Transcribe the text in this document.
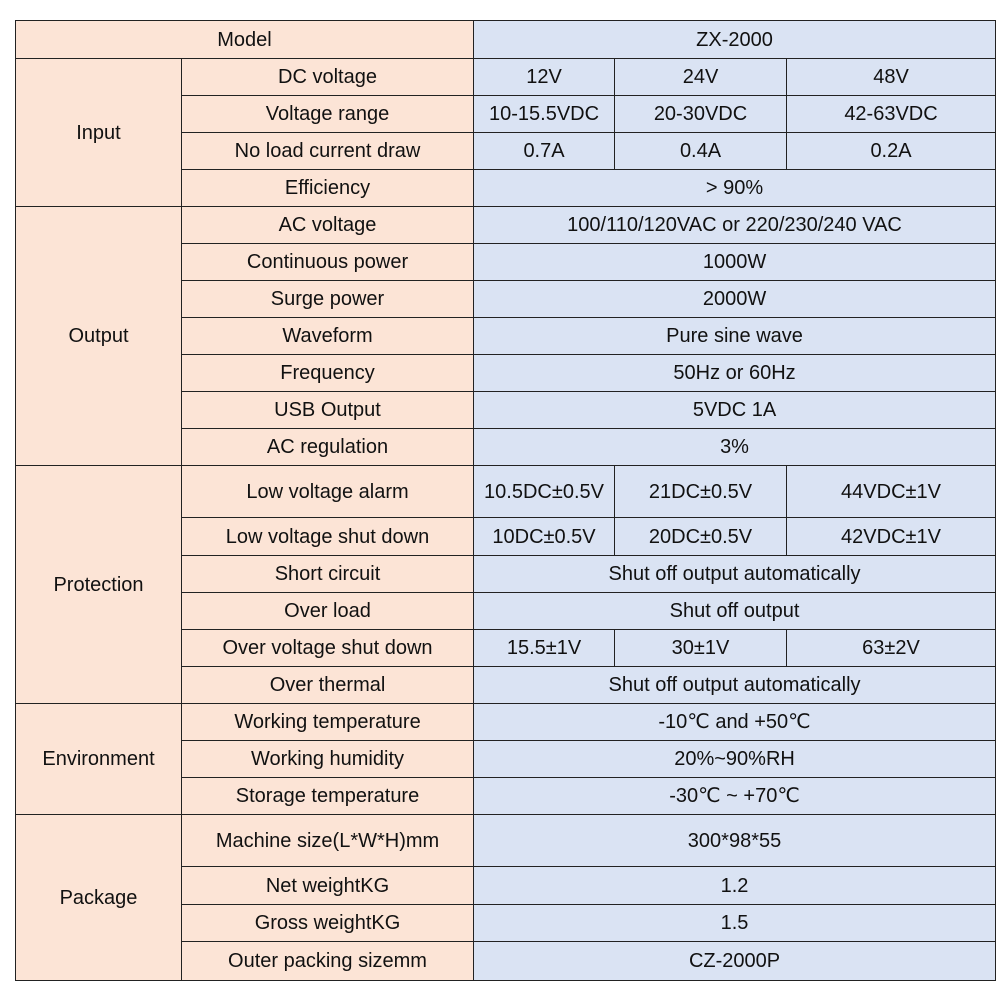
Model		ZX-2000		
Input	DC voltage	12V	24V	48V
	Voltage range	10-15.5VDC	20-30VDC	42-63VDC
	No load current draw	0.7A	0.4A	0.2A
	Efficiency	> 90%		
Output	AC voltage	100/110/120VAC or 220/230/240 VAC		
	Continuous power	1000W		
	Surge power	2000W		
	Waveform	Pure sine wave		
	Frequency	50Hz or 60Hz		
	USB Output	5VDC 1A		
	AC regulation	3%		
Protection	Low voltage alarm	10.5DC±0.5V	21DC±0.5V	44VDC±1V
	Low voltage shut down	10DC±0.5V	20DC±0.5V	42VDC±1V
	Short circuit	Shut off output automatically		
	Over load	Shut off output		
	Over voltage shut down	15.5±1V	30±1V	63±2V
	Over thermal	Shut off output automatically		
Environment	Working temperature	-10℃ and +50℃		
	Working humidity	20%~90%RH		
	Storage temperature	-30℃ ~ +70℃		
Package	Machine size(L*W*H)mm	300*98*55		
	Net weightKG	1.2		
	Gross weightKG	1.5		
	Outer packing sizemm	CZ-2000P		
